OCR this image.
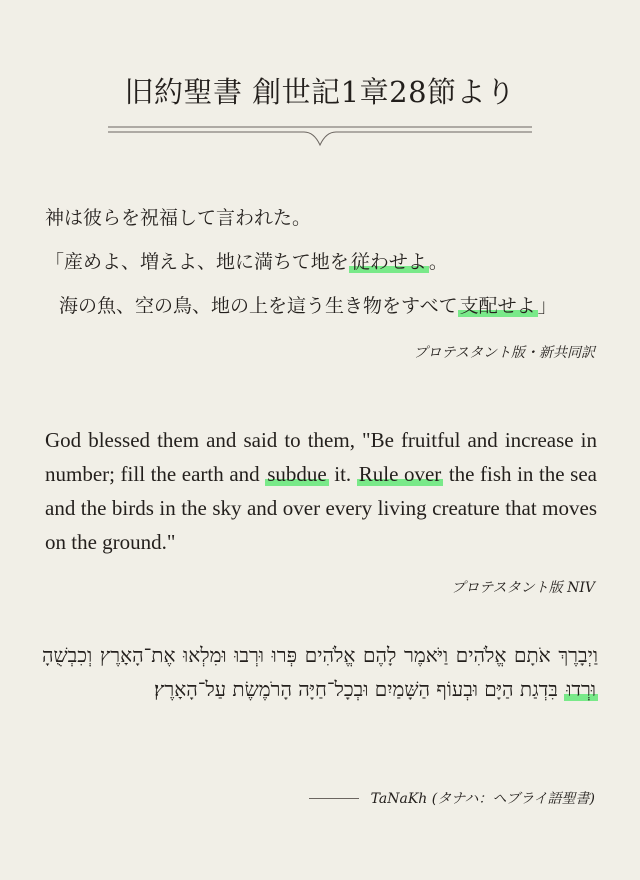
旧約聖書 創世記1章28節より
神は彼らを祝福して言われた。
「産めよ、増えよ、地に満ちて地を 従わせよ 。
海の魚、空の鳥、地の上を這う生き物をすべて 支配せよ 」
プロテスタント版・新共同訳

God blessed them and said to them, "Be fruitful and increase in number; fill the earth and subdue it. Rule over the fish in the sea and the birds in the sky and over every living creature that moves on the ground."

プロテスタント版 NIV

וַיְבָרֶךְ אֹתָם אֱלֹהִים וַיֹּאמֶר לָהֶם אֱלֹהִים פְּרוּ וּרְבוּ וּמִלְאוּ אֶת־הָאָרֶץ וְכִבְשֻׁהָ וּרְדוּ בִּדְגַת הַיָּם וּבְעוֹף הַשָּׁמַיִם וּבְכָל־חַיָּה הָרֹמֶשֶׂת עַל־הָאָרֶץ׃

TaNaKh (タナハ：ヘブライ語聖書)
